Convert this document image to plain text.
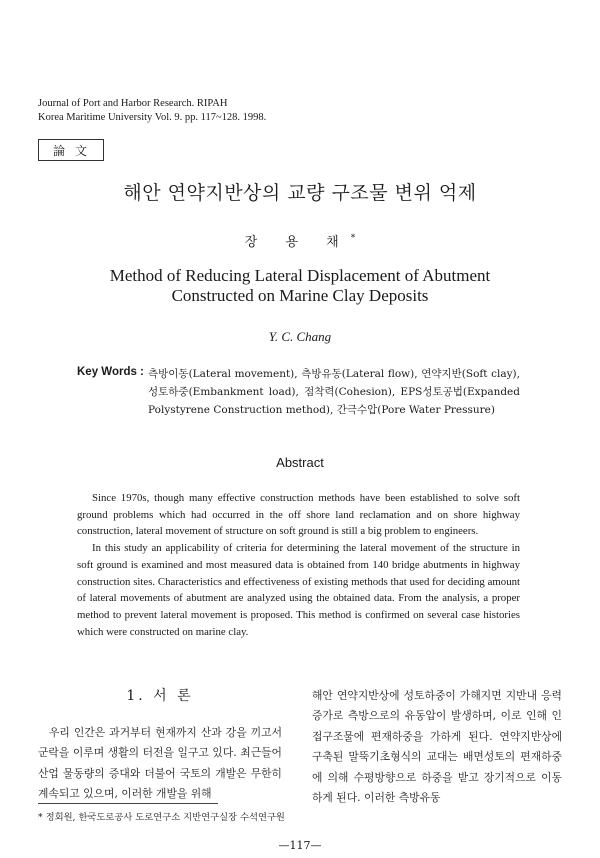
Journal of Port and Harbor Research. RIPAH
Korea Maritime University Vol. 9. pp. 117~128. 1998.
論文
해안 연약지반상의 교량 구조물 변위 억제
장 용 채*
Method of Reducing Lateral Displacement of Abutment
Constructed on Marine Clay Deposits
Y. C. Chang
Key Words : 측방이동(Lateral movement), 측방유동(Lateral flow), 연약지반(Soft clay), 성토하중(Embankment load), 점착력(Cohesion), EPS성토공법(Expanded Polystyrene Construction method), 간극수압(Pore Water Pressure)
Abstract

Since 1970s, though many effective construction methods have been established to solve soft ground problems which had occurred in the off shore land reclamation and on shore highway construction, lateral movement of structure on soft ground is still a big problem to engineers.

In this study an applicability of criteria for determining the lateral movement of the structure in soft ground is examined and most measured data is obtained from 140 bridge abutments in highway construction sites. Characteristics and effectiveness of existing methods that used for deciding amount of lateral movements of abutment are analyzed using the obtained data. From the analysis, a proper method to prevent lateral movement is proposed. This method is confirmed on several case histories which were constructed on marine clay.

1. 서 론
우리 인간은 과거부터 현재까지 산과 강을 끼고서 군락을 이루며 생활의 터전을 일구고 있다. 최근들어 산업 물동량의 증대와 더불어 국토의 개발은 무한히 계속되고 있으며, 이러한 개발을 위해
해안 연약지반상에 성토하중이 가해지면 지반내 응력증가로 측방으로의 유동압이 발생하며, 이로 인해 인접구조물에 편재하중을 가하게 된다. 연약지반상에 구축된 말뚝기초형식의 교대는 배면성토의 편재하중에 의해 수평방향으로 하중을 받고 장기적으로 이동하게 된다. 이러한 측방유동
* 정회원, 한국도로공사 도로연구소 지반연구실장 수석연구원
—117—
